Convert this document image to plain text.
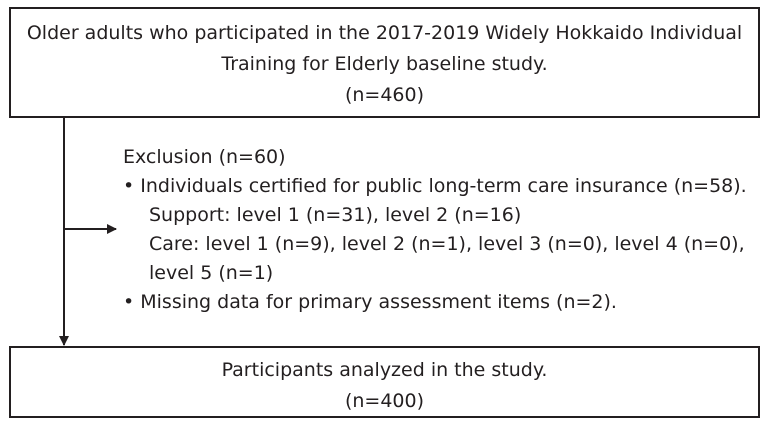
Older adults who participated in the 2017-2019 Widely Hokkaido Individual
Training for Elderly baseline study.
(n=460)
Exclusion (n=60)
• Individuals certified for public long-term care insurance (n=58).
Support: level 1 (n=31), level 2 (n=16)
Care: level 1 (n=9), level 2 (n=1), level 3 (n=0), level 4 (n=0),
level 5 (n=1)
• Missing data for primary assessment items (n=2).
Participants analyzed in the study.
(n=400)
